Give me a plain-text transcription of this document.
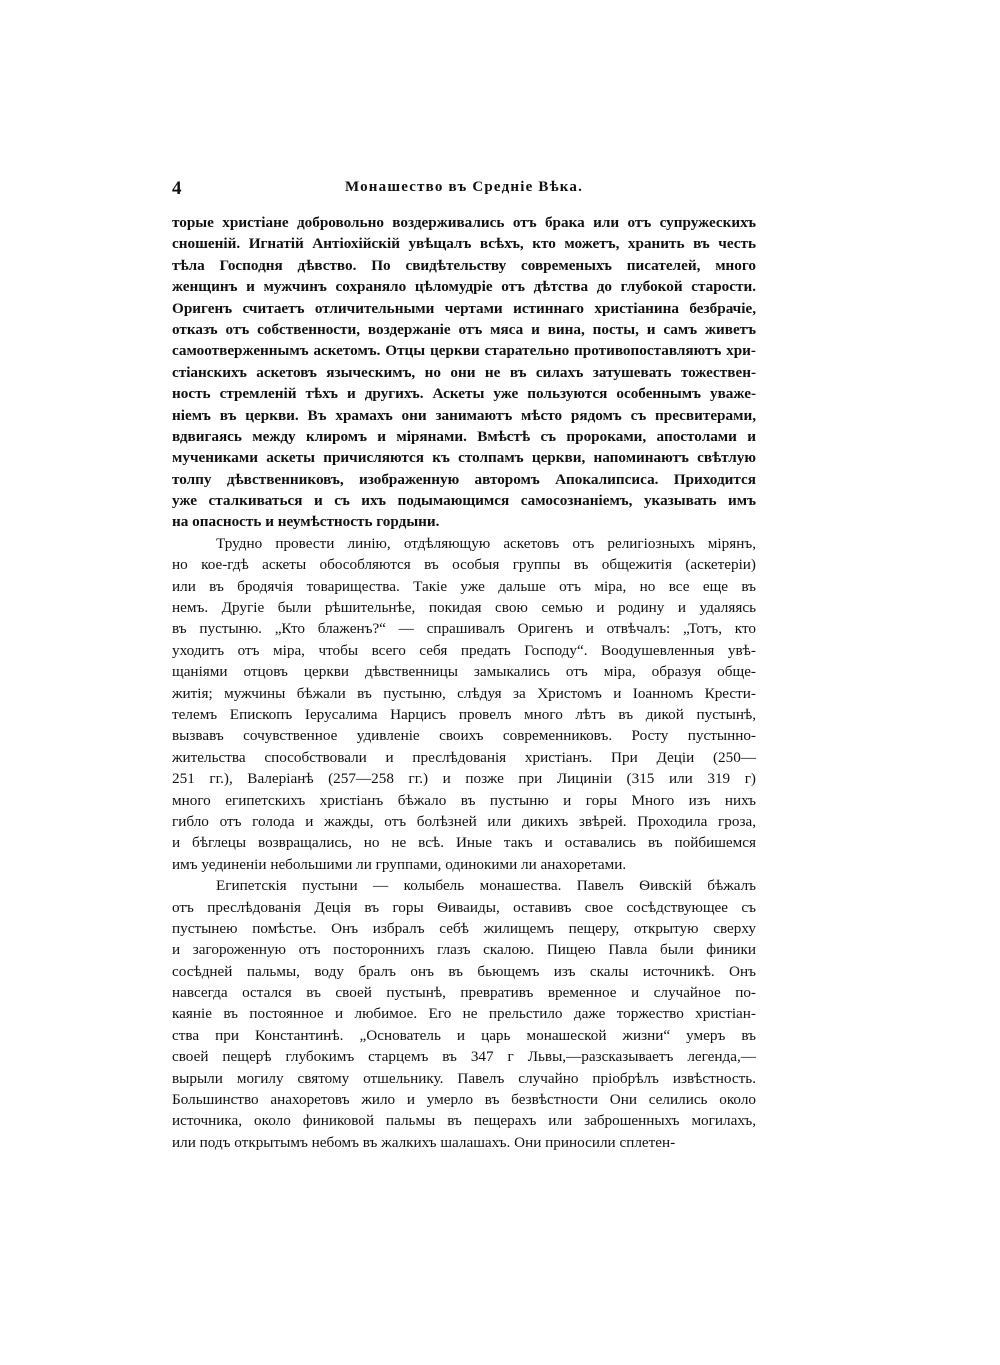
4	Монашество въ Средніе Вѣка.
торые христiане добровольно воздерживались отъ брака или отъ супружескихъ
сношенiй. Игнатiй Антiохiйскiй увѣщалъ всѣхъ, кто можетъ, хранить въ честь
тѣла Господня дѣвство. По свидѣтельству современыхъ писателей, много
женщинъ и мужчинъ сохраняло цѣломудрiе отъ дѣтства до глубокой старости.
Оригенъ считаетъ отличительными чертами истиннаго христiанина безбрачiе,
отказъ отъ собственности, воздержанiе отъ мяса и вина, посты, и самъ живетъ
самоотверженнымъ аскетомъ. Отцы церкви старательно противопоставляютъ хри-
стiанскихъ аскетовъ языческимъ, но они не въ силахъ затушевать тожествен-
ность стремленiй тѣхъ и другихъ. Аскеты уже пользуются особеннымъ уваже-
нiемъ въ церкви. Въ храмахъ они занимаютъ мѣсто рядомъ съ пресвитерами,
вдвигаясь между клиромъ и мiрянами. Вмѣстѣ съ пророками, апостолами и
мучениками аскеты причисляются къ столпамъ церкви, напоминаютъ свѣтлую
толпу дѣвственниковъ, изображенную авторомъ Апокалипсиса. Приходится
уже сталкиваться и съ ихъ подымающимся самосознанiемъ, указывать имъ
на опасность и неумѣстность гордыни.
Трудно провести линiю, отдѣляющую аскетовъ отъ религiозныхъ мiрянъ,
но кое-гдѣ аскеты обособляются въ особыя группы въ общежитiя (аскетерiи)
или въ бродячiя товарищества. Такiе уже дальше отъ мiра, но все еще въ
немъ. Другiе были рѣшительнѣе, покидая свою семью и родину и удаляясь
въ пустыню. „Кто блаженъ?“ — спрашивалъ Оригенъ и отвѣчалъ: „Тотъ, кто
уходитъ отъ мiра, чтобы всего себя предать Господу“. Воодушевленныя увѣ-
щанiями отцовъ церкви дѣвственницы замыкались отъ мiра, образуя обще-
житiя; мужчины бѣжали въ пустыню, слѣдуя за Христомъ и Iоанномъ Крести-
телемъ Епископъ Iерусалима Нарцисъ провелъ много лѣтъ въ дикой пустынѣ,
вызвавъ сочувственное удивленiе своихъ современниковъ. Росту пустынно-
жительства способствовали и преслѣдованiя христiанъ. При Децiи (250—
251 гг.), Валерiанѣ (257—258 гг.) и позже при Лицинiи (315 или 319 г)
много египетскихъ христiанъ бѣжало въ пустыню и горы Много изъ нихъ
гибло отъ голода и жажды, отъ болѣзней или дикихъ звѣрей. Проходила гроза,
и бѣглецы возвращались, но не всѣ. Иные такъ и оставались въ пойбишемся
имъ уединенiи небольшими ли группами, одинокими ли анахоретами.
Египетскiя пустыни — колыбель монашества. Павелъ Ѳивскiй бѣжалъ
отъ преслѣдованiя Децiя въ горы Ѳиваиды, оставивъ свое сосѣдствующее съ
пустынею помѣстье. Онъ избралъ себѣ жилищемъ пещеру, открытую сверху
и загороженную отъ постороннихъ глазъ скалою. Пищею Павла были финики
сосѣдней пальмы, воду бралъ онъ въ бьющемъ изъ скалы источникѣ. Онъ
навсегда остался въ своей пустынѣ, превративъ временное и случайное по-
каянiе въ постоянное и любимое. Его не прельстило даже торжество христiан-
ства при Константинѣ. „Основатель и царь монашеской жизни“ умеръ въ
своей пещерѣ глубокимъ старцемъ въ 347 г Львы,—разсказываетъ легенда,—
вырыли могилу святому отшельнику. Павелъ случайно прiобрѣлъ извѣстность.
Большинство анахоретовъ жило и умерло въ безвѣстности Они селились около
источника, около финиковой пальмы въ пещерахъ или заброшенныхъ могилахъ,
или подъ открытымъ небомъ въ жалкихъ шалашахъ. Они приносили сплетен-
